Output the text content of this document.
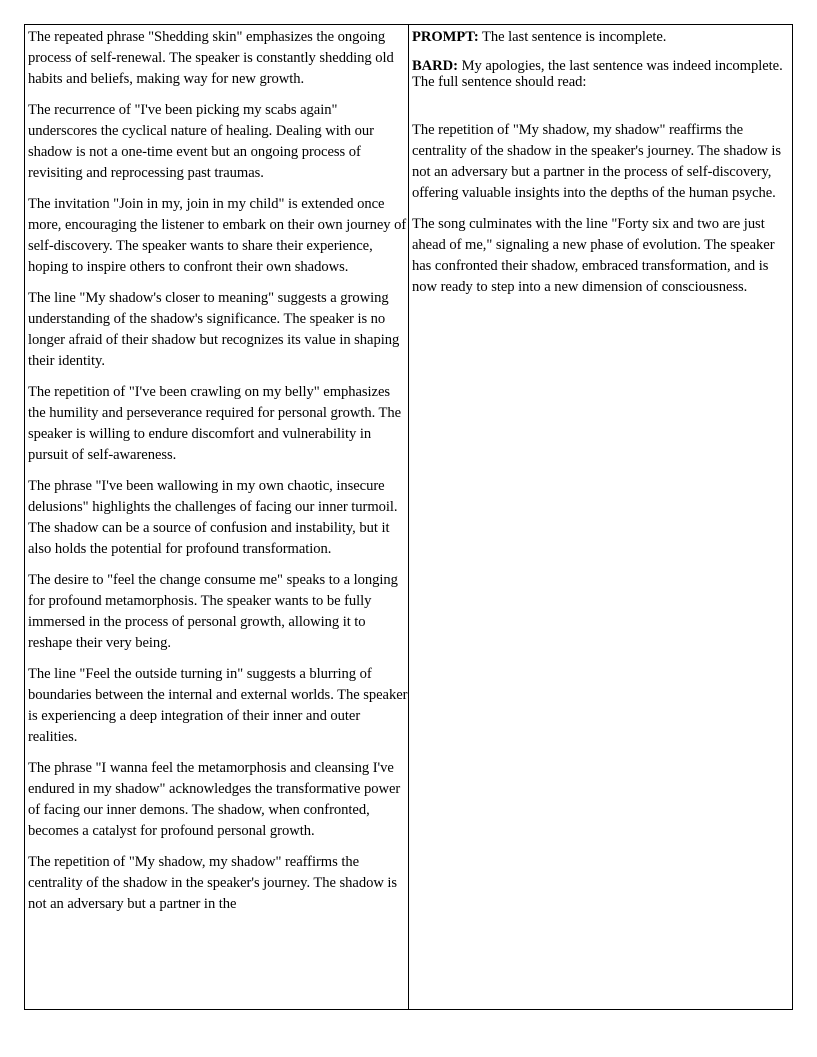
The repeated phrase "Shedding skin" emphasizes the ongoing process of self-renewal. The speaker is constantly shedding old habits and beliefs, making way for new growth.

The recurrence of "I've been picking my scabs again" underscores the cyclical nature of healing. Dealing with our shadow is not a one-time event but an ongoing process of revisiting and reprocessing past traumas.

The invitation "Join in my, join in my child" is extended once more, encouraging the listener to embark on their own journey of self-discovery. The speaker wants to share their experience, hoping to inspire others to confront their own shadows.

The line "My shadow's closer to meaning" suggests a growing understanding of the shadow's significance. The speaker is no longer afraid of their shadow but recognizes its value in shaping their identity.

The repetition of "I've been crawling on my belly" emphasizes the humility and perseverance required for personal growth. The speaker is willing to endure discomfort and vulnerability in pursuit of self-awareness.

The phrase "I've been wallowing in my own chaotic, insecure delusions" highlights the challenges of facing our inner turmoil. The shadow can be a source of confusion and instability, but it also holds the potential for profound transformation.

The desire to "feel the change consume me" speaks to a longing for profound metamorphosis. The speaker wants to be fully immersed in the process of personal growth, allowing it to reshape their very being.

The line "Feel the outside turning in" suggests a blurring of boundaries between the internal and external worlds. The speaker is experiencing a deep integration of their inner and outer realities.

The phrase "I wanna feel the metamorphosis and cleansing I've endured in my shadow" acknowledges the transformative power of facing our inner demons. The shadow, when confronted, becomes a catalyst for profound personal growth.

The repetition of "My shadow, my shadow" reaffirms the centrality of the shadow in the speaker's journey. The shadow is not an adversary but a partner in the

PROMPT: The last sentence is incomplete.

BARD: My apologies, the last sentence was indeed incomplete. The full sentence should read:

The repetition of "My shadow, my shadow" reaffirms the centrality of the shadow in the speaker's journey. The shadow is not an adversary but a partner in the process of self-discovery, offering valuable insights into the depths of the human psyche.

The song culminates with the line "Forty six and two are just ahead of me," signaling a new phase of evolution. The speaker has confronted their shadow, embraced transformation, and is now ready to step into a new dimension of consciousness.
